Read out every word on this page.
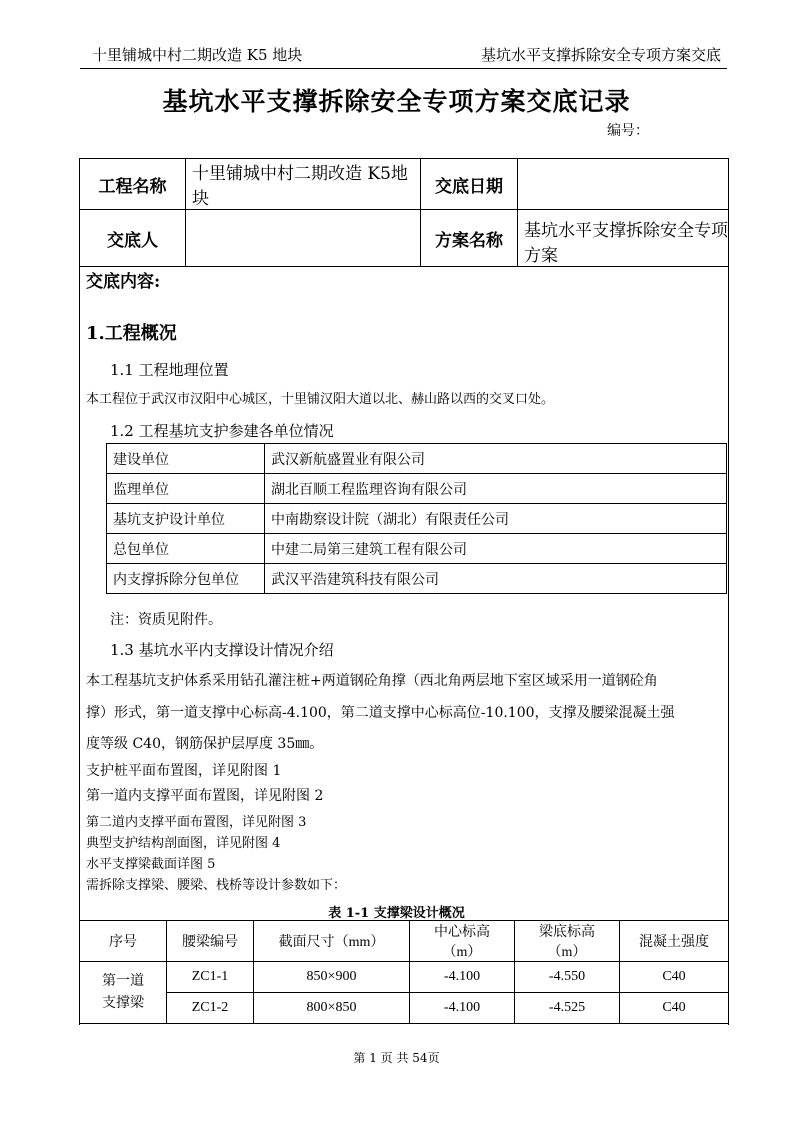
十里铺城中村二期改造 K5 地块	基坑水平支撑拆除安全专项方案交底
基坑水平支撑拆除安全专项方案交底记录
编号：
工程名称	十里铺城中村二期改造 K5地块	交底日期	
交底人		方案名称	基坑水平支撑拆除安全专项方案
交底内容:
1.工程概况
1.1 工程地理位置
本工程位于武汉市汉阳中心城区，十里铺汉阳大道以北、赫山路以西的交叉口处。
1.2 工程基坑支护参建各单位情况
建设单位	武汉新航盛置业有限公司
监理单位	湖北百顺工程监理咨询有限公司
基坑支护设计单位	中南勘察设计院（湖北）有限责任公司
总包单位	中建二局第三建筑工程有限公司
内支撑拆除分包单位	武汉平浩建筑科技有限公司
注：资质见附件。
1.3 基坑水平内支撑设计情况介绍
本工程基坑支护体系采用钻孔灌注桩+两道钢砼角撑（西北角两层地下室区域采用一道钢砼角
撑）形式，第一道支撑中心标高-4.100，第二道支撑中心标高位-10.100，支撑及腰梁混凝土强
度等级 C40，钢筋保护层厚度 35㎜。
支护桩平面布置图，详见附图 1
第一道内支撑平面布置图，详见附图 2
第二道内支撑平面布置图，详见附图 3
典型支护结构剖面图，详见附图 4
水平支撑梁截面详图 5
需拆除支撑梁、腰梁、栈桥等设计参数如下：
表 1-1 支撑梁设计概况
序号	腰梁编号	截面尺寸（mm）	中心标高
（m）	梁底标高
（m）	混凝土强度
第一道
支撑梁	ZC1-1	850×900	-4.100	-4.550	C40
	ZC1-2	800×850	-4.100	-4.525	C40
第 1 页 共 54页
